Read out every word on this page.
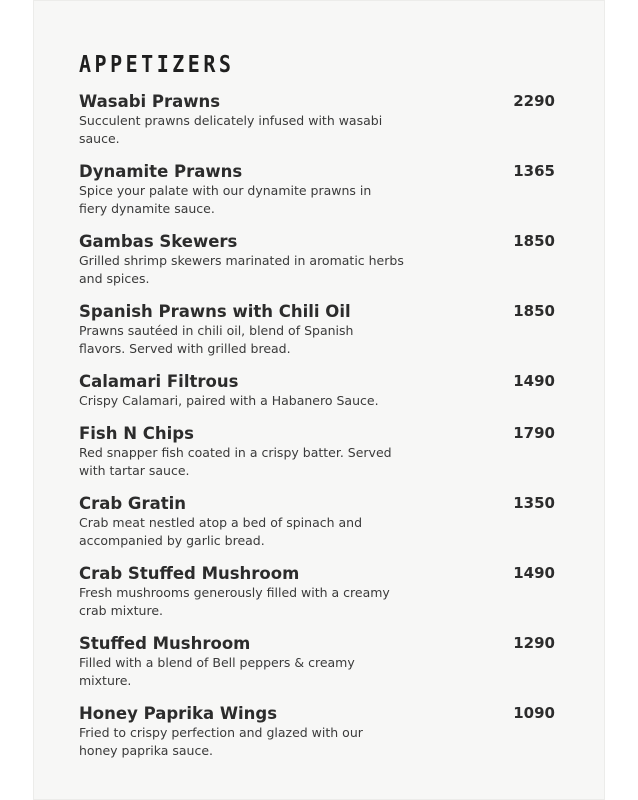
APPETIZERS
Wasabi Prawns	2290
Succulent prawns delicately infused with wasabi sauce.
Dynamite Prawns	1365
Spice your palate with our dynamite prawns in fiery dynamite sauce.
Gambas Skewers	1850
Grilled shrimp skewers marinated in aromatic herbs and spices.
Spanish Prawns with Chili Oil	1850
Prawns sautéed in chili oil, blend of Spanish flavors. Served with grilled bread.
Calamari Filtrous	1490
Crispy Calamari, paired with a Habanero Sauce.
Fish N Chips	1790
Red snapper fish coated in a crispy batter. Served with tartar sauce.
Crab Gratin	1350
Crab meat nestled atop a bed of spinach and accompanied by garlic bread.
Crab Stuffed Mushroom	1490
Fresh mushrooms generously filled with a creamy crab mixture.
Stuffed Mushroom	1290
Filled with a blend of Bell peppers & creamy mixture.
Honey Paprika Wings	1090
Fried to crispy perfection and glazed with our honey paprika sauce.
